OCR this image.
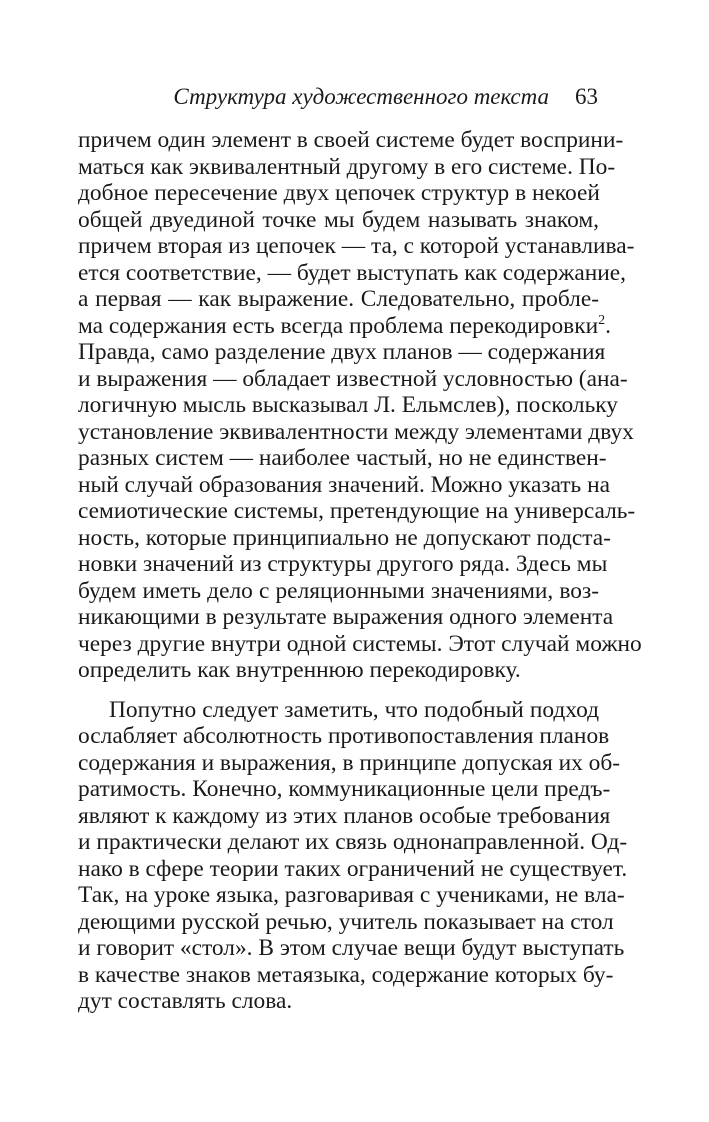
Структура художественного текста 63
причем один элемент в своей системе будет восприни-
маться как эквивалентный другому в его системе. По-
добное пересечение двух цепочек структур в некоей
общей двуединой точке мы будем называть знаком,
причем вторая из цепочек — та, с которой устанавлива-
ется соответствие, — будет выступать как содержание,
а первая — как выражение. Следовательно, пробле-
ма содержания есть всегда проблема перекодировки$^2$.
Правда, само разделение двух планов — содержания
и выражения — обладает известной условностью (ана-
логичную мысль высказывал Л. Ельмслев), поскольку
установление эквивалентности между элементами двух
разных систем — наиболее частый, но не единствен-
ный случай образования значений. Можно указать на
семиотические системы, претендующие на универсаль-
ность, которые принципиально не допускают подста-
новки значений из структуры другого ряда. Здесь мы
будем иметь дело с реляционными значениями, воз-
никающими в результате выражения одного элемента
через другие внутри одной системы. Этот случай можно
определить как внутреннюю перекодировку.
Попутно следует заметить, что подобный подход
ослабляет абсолютность противопоставления планов
содержания и выражения, в принципе допуская их об-
ратимость. Конечно, коммуникационные цели предъ-
являют к каждому из этих планов особые требования
и практически делают их связь однонаправленной. Од-
нако в сфере теории таких ограничений не существует.
Так, на уроке языка, разговаривая с учениками, не вла-
деющими русской речью, учитель показывает на стол
и говорит «стол». В этом случае вещи будут выступать
в качестве знаков метаязыка, содержание которых бу-
дут составлять слова.
